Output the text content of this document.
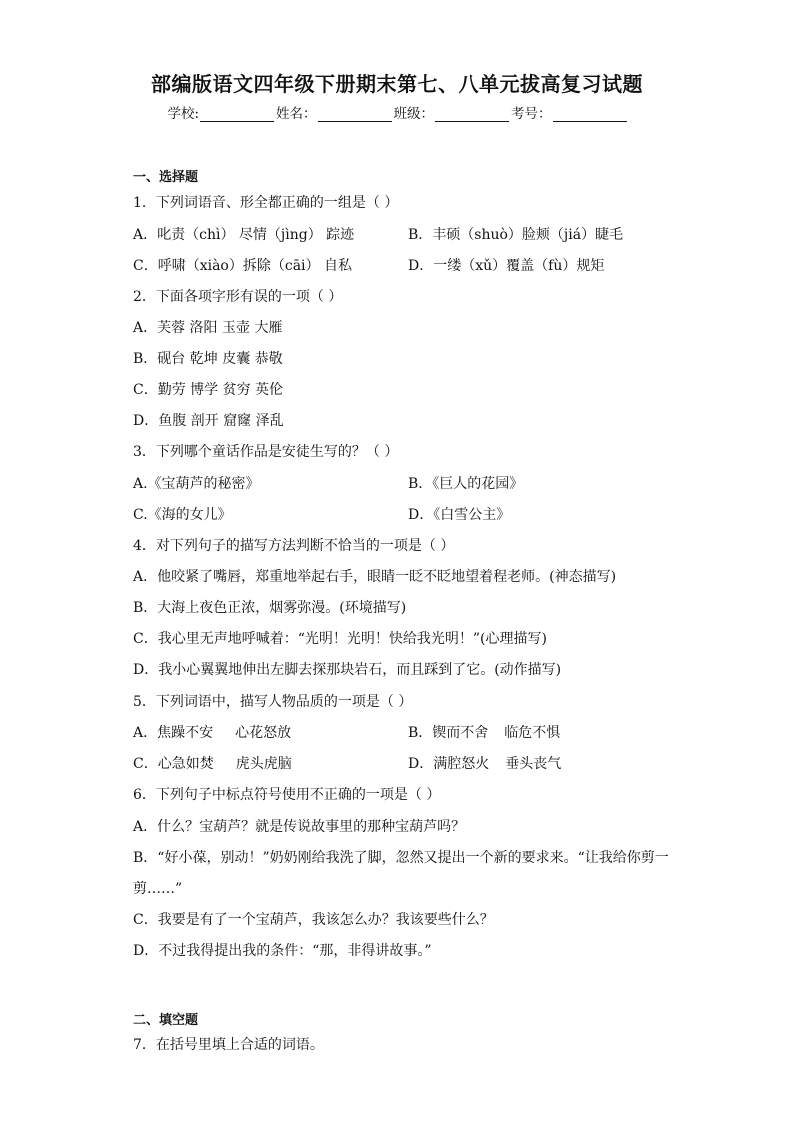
部编版语文四年级下册期末第七、八单元拔高复习试题
学校:	姓名：	班级：	考号：
一、选择题
1．下列词语音、形全都正确的一组是（ ）
A．叱责（chì） 尽情（jìng） 踪迹	B．丰硕（shuò）脸颊（jiá）睫毛
C．呼啸（xiào）拆除（cāi） 自私	D．一缕（xǔ）覆盖（fù）规矩
2．下面各项字形有误的一项（ ）
A．芙蓉 洛阳 玉壶 大雁
B．砚台 乾坤 皮囊 恭敬
C．勤劳 博学 贫穷 英伦
D．鱼腹 剖开 窟窿 泽乱
3．下列哪个童话作品是安徒生写的？（ ）
A.《宝葫芦的秘密》	B．《巨人的花园》
C.《海的女儿》	D．《白雪公主》
4．对下列句子的描写方法判断不恰当的一项是（ ）
A．他咬紧了嘴唇，郑重地举起右手，眼睛一眨不眨地望着程老师。(神态描写)
B．大海上夜色正浓，烟雾弥漫。(环境描写)
C．我心里无声地呼喊着：“光明！光明！快给我光明！”(心理描写)
D．我小心翼翼地伸出左脚去探那块岩石，而且踩到了它。(动作描写)
5．下列词语中，描写人物品质的一项是（ ）
A．焦躁不安 心花怒放	B．锲而不舍 临危不惧
C．心急如焚 虎头虎脑	D．满腔怒火 垂头丧气
6．下列句子中标点符号使用不正确的一项是（ ）
A．什么？宝葫芦？就是传说故事里的那种宝葫芦吗？
B．“好小葆，别动！”奶奶刚给我洗了脚，忽然又提出一个新的要求来。“让我给你剪一
剪……”
C．我要是有了一个宝葫芦，我该怎么办？我该要些什么？
D．不过我得提出我的条件：“那，非得讲故事。”
二、填空题
7．在括号里填上合适的词语。
